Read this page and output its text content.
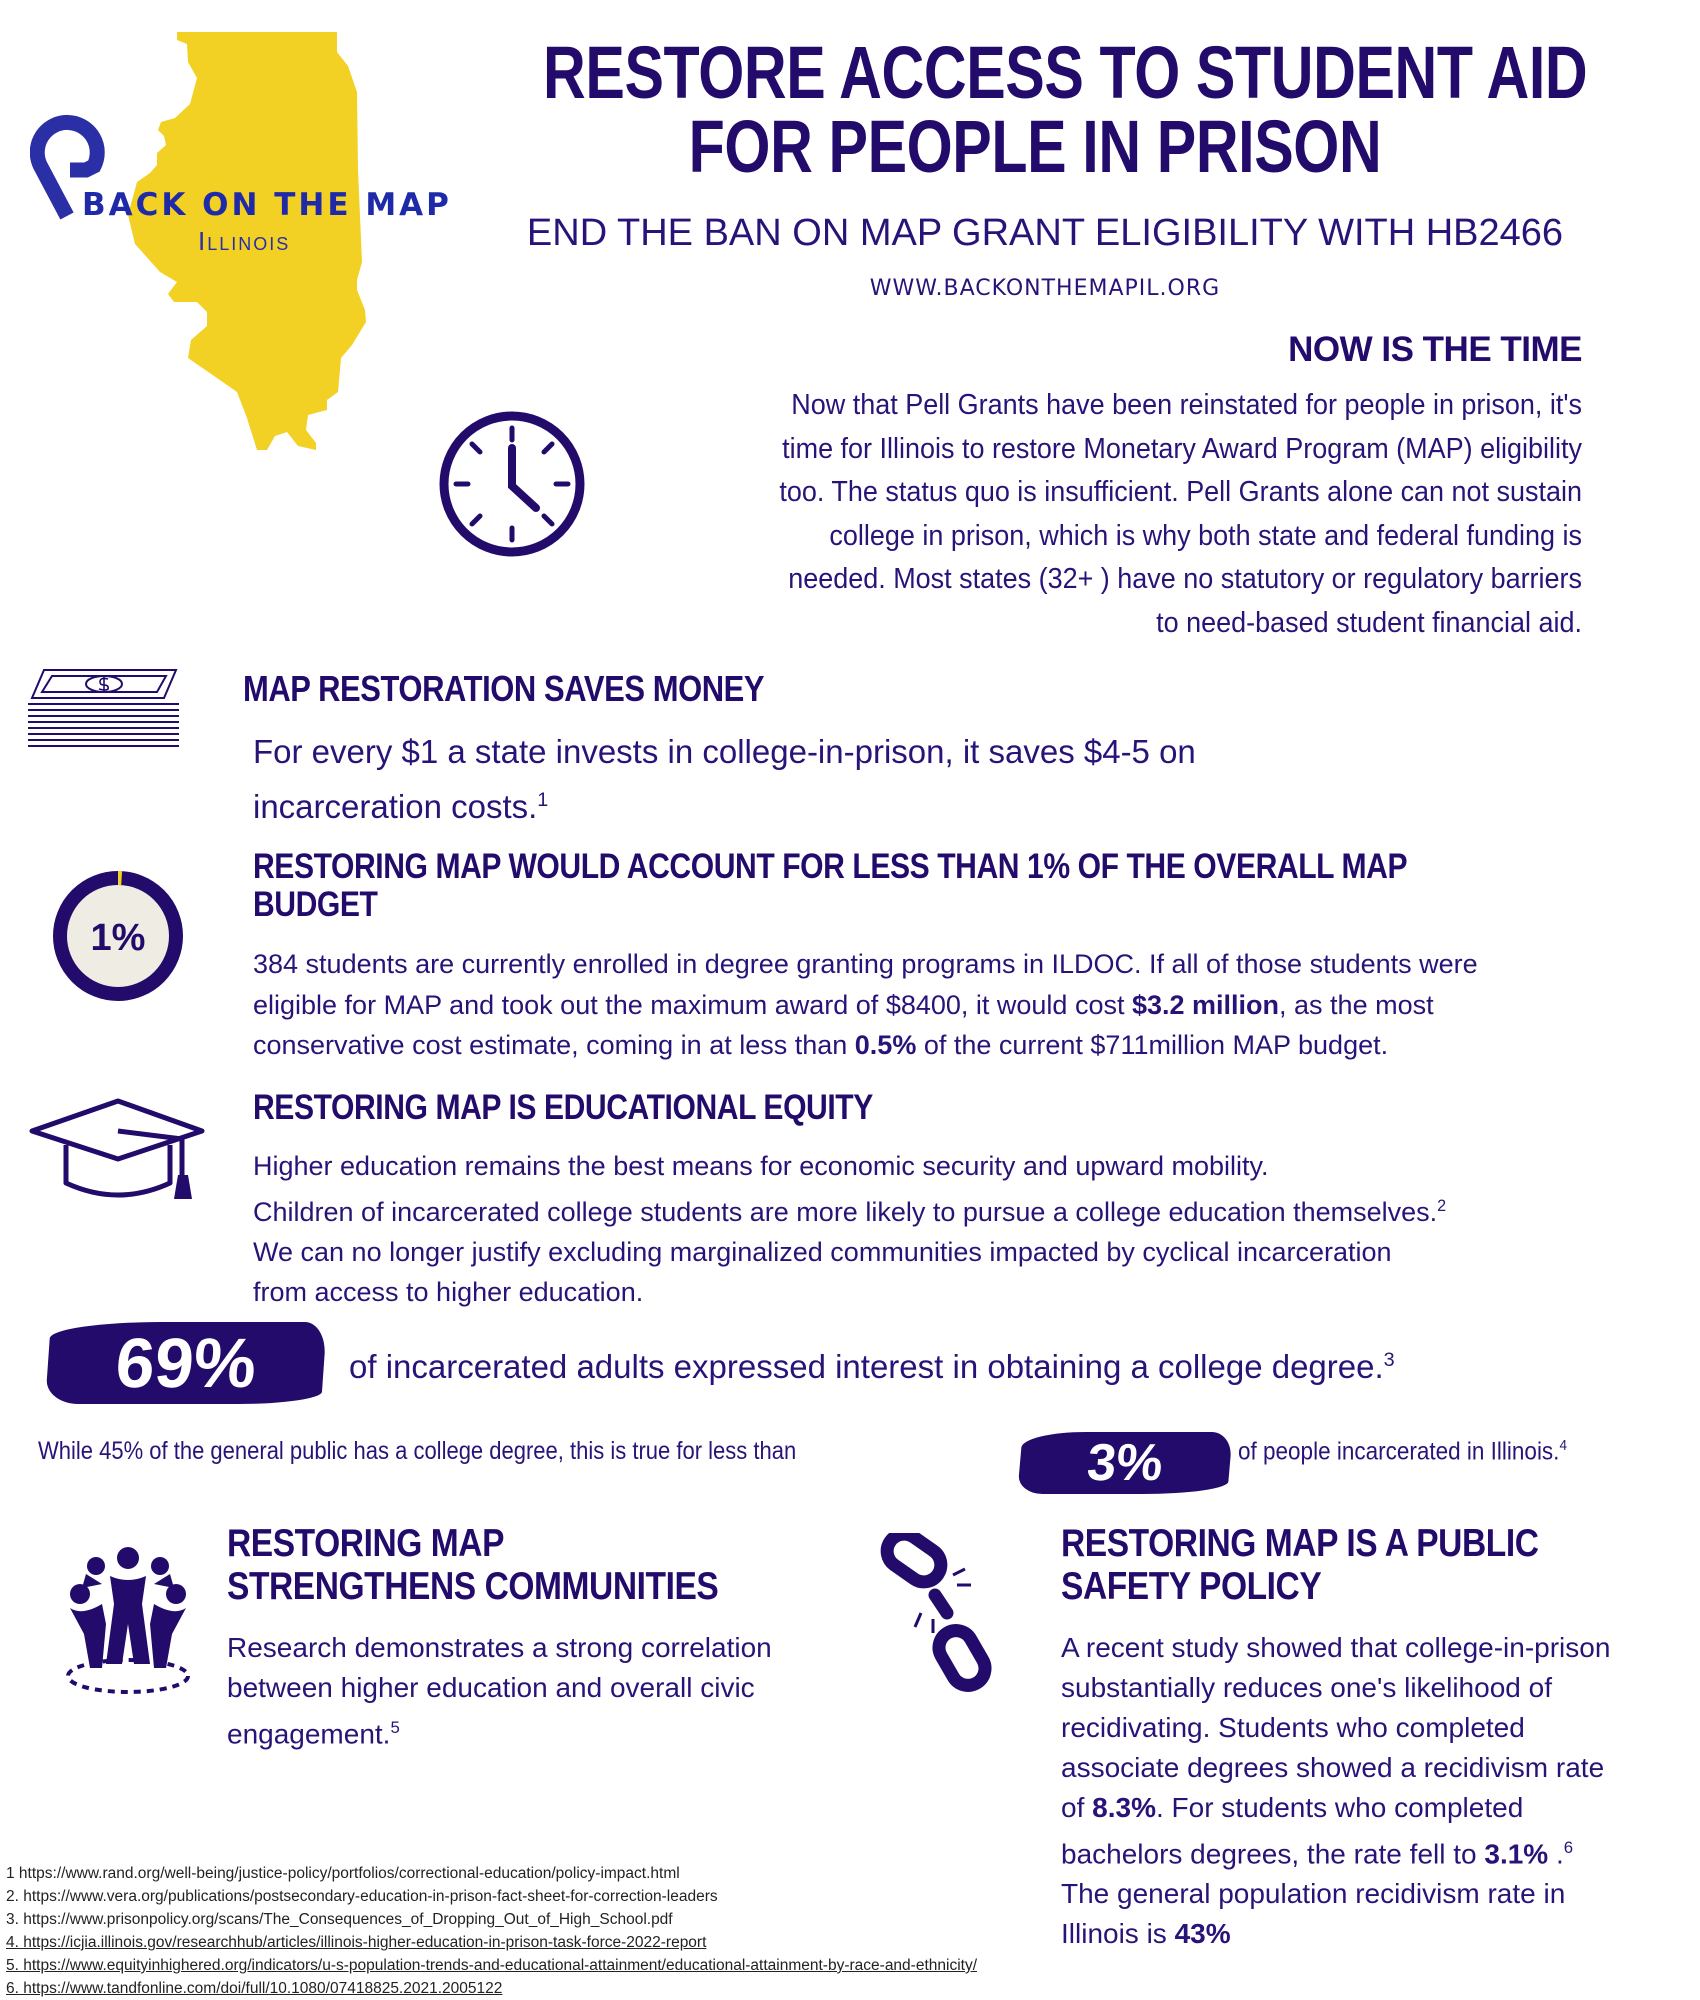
BACK ON THE MAP
Illinois
RESTORE ACCESS TO STUDENT AID
FOR PEOPLE IN PRISON
END THE BAN ON MAP GRANT ELIGIBILITY WITH HB2466
WWW.BACKONTHEMAPIL.ORG
NOW IS THE TIME
Now that Pell Grants have been reinstated for people in prison, it's
time for Illinois to restore Monetary Award Program (MAP) eligibility
too. The status quo is insufficient. Pell Grants alone can not sustain
college in prison, which is why both state and federal funding is
needed. Most states (32+ ) have no statutory or regulatory barriers
to need-based student financial aid.
MAP RESTORATION SAVES MONEY
For every $1 a state invests in college-in-prison, it saves $4-5 on
incarceration costs.$^1$
1%
RESTORING MAP WOULD ACCOUNT FOR LESS THAN 1% OF THE OVERALL MAP
BUDGET
384 students are currently enrolled in degree granting programs in ILDOC. If all of those students were
eligible for MAP and took out the maximum award of $8400, it would cost $3.2 million, as the most
conservative cost estimate, coming in at less than 0.5% of the current $711million MAP budget.
RESTORING MAP IS EDUCATIONAL EQUITY
Higher education remains the best means for economic security and upward mobility.
Children of incarcerated college students are more likely to pursue a college education themselves.$^2$
We can no longer justify excluding marginalized communities impacted by cyclical incarceration
from access to higher education.
69%	of incarcerated adults expressed interest in obtaining a college degree.$^3$
While 45% of the general public has a college degree, this is true for less than	3%	of people incarcerated in Illinois.$^4$
RESTORING MAP
STRENGTHENS COMMUNITIES
Research demonstrates a strong correlation
between higher education and overall civic
engagement.$^5$
RESTORING MAP IS A PUBLIC
SAFETY POLICY
A recent study showed that college-in-prison
substantially reduces one's likelihood of
recidivating. Students who completed
associate degrees showed a recidivism rate
of 8.3%. For students who completed
bachelors degrees, the rate fell to 3.1% .$^6$
The general population recidivism rate in
Illinois is 43%
1 https://www.rand.org/well-being/justice-policy/portfolios/correctional-education/policy-impact.html
2. https://www.vera.org/publications/postsecondary-education-in-prison-fact-sheet-for-correction-leaders
3. https://www.prisonpolicy.org/scans/The_Consequences_of_Dropping_Out_of_High_School.pdf
4. https://icjia.illinois.gov/researchhub/articles/illinois-higher-education-in-prison-task-force-2022-report
5. https://www.equityinhighered.org/indicators/u-s-population-trends-and-educational-attainment/educational-attainment-by-race-and-ethnicity/
6. https://www.tandfonline.com/doi/full/10.1080/07418825.2021.2005122
